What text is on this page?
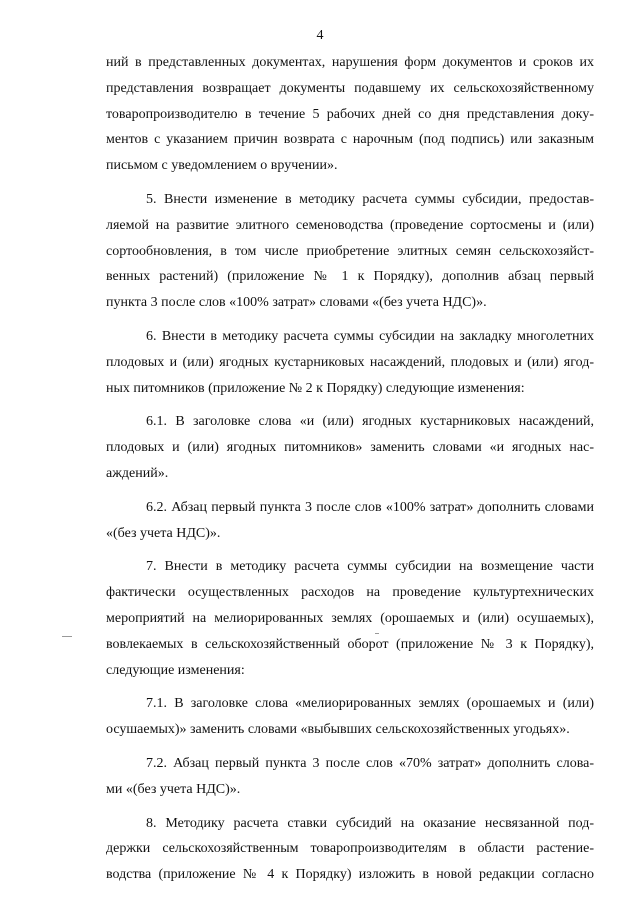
4

ний в представленных документах, нарушения форм документов и сроков их
представления возвращает документы подавшему их сельскохозяйственному
товаропроизводителю в течение 5 рабочих дней со дня представления доку-
ментов с указанием причин возврата с нарочным (под подпись) или заказным
письмом с уведомлением о вручении».

5. Внести изменение в методику расчета суммы субсидии, предостав-
ляемой на развитие элитного семеноводства (проведение сортосмены и (или)
сортообновления, в том числе приобретение элитных семян сельскохозяйст-
венных растений) (приложение № 1 к Порядку), дополнив абзац первый
пункта 3 после слов «100% затрат» словами «(без учета НДС)».

6. Внести в методику расчета суммы субсидии на закладку многолетних
плодовых и (или) ягодных кустарниковых насаждений, плодовых и (или) ягод-
ных питомников (приложение № 2 к Порядку) следующие изменения:

6.1. В заголовке слова «и (или) ягодных кустарниковых насаждений,
плодовых и (или) ягодных питомников» заменить словами «и ягодных нас-
аждений».

6.2. Абзац первый пункта 3 после слов «100% затрат» дополнить словами
«(без учета НДС)».

7. Внести в методику расчета суммы субсидии на возмещение части
фактически осуществленных расходов на проведение культуртехнических
мероприятий на мелиорированных землях (орошаемых и (или) осушаемых),
вовлекаемых в сельскохозяйственный оборот (приложение № 3 к Порядку),
следующие изменения:

7.1. В заголовке слова «мелиорированных землях (орошаемых и (или)
осушаемых)» заменить словами «выбывших сельскохозяйственных угодьях».

7.2. Абзац первый пункта 3 после слов «70% затрат» дополнить слова-
ми «(без учета НДС)».

8. Методику расчета ставки субсидий на оказание несвязанной под-
держки сельскохозяйственным товаропроизводителям в области растение-
водства (приложение № 4 к Порядку) изложить в новой редакции согласно
